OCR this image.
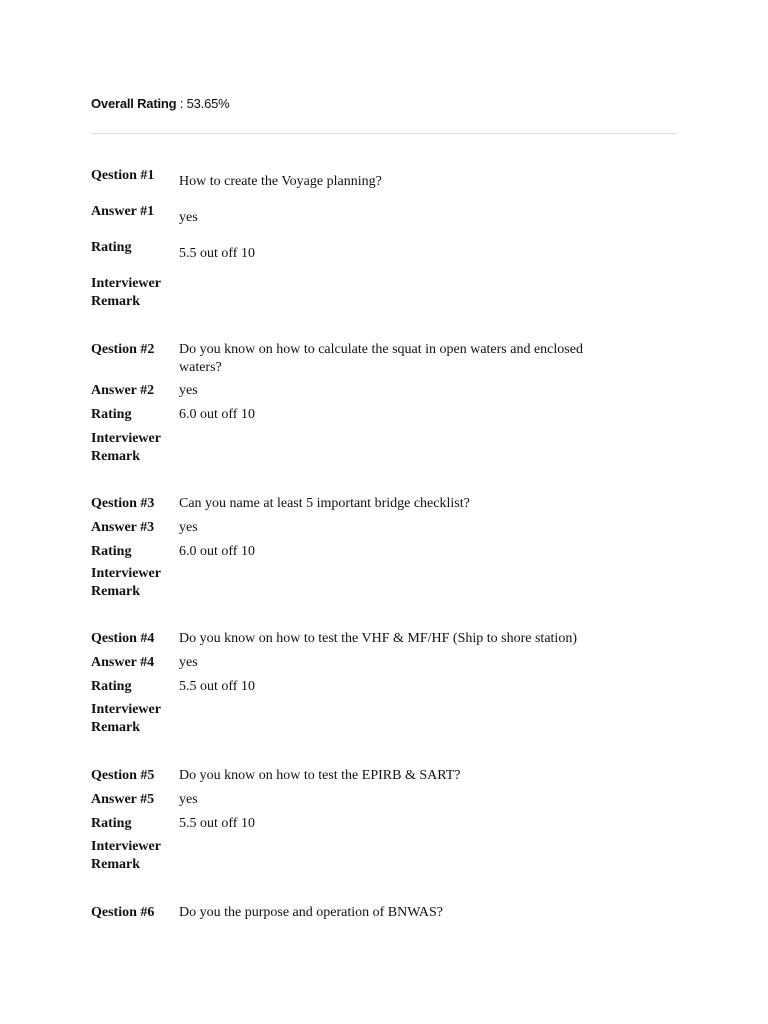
Overall Rating : 53.65%
Qestion #1	How to create the Voyage planning?
Answer #1	yes
Rating	5.5 out off 10
Interviewer Remark
Qestion #2	Do you know on how to calculate the squat in open waters and enclosed waters?
Answer #2	yes
Rating	6.0 out off 10
Interviewer Remark
Qestion #3	Can you name at least 5 important bridge checklist?
Answer #3	yes
Rating	6.0 out off 10
Interviewer Remark
Qestion #4	Do you know on how to test the VHF & MF/HF (Ship to shore station)
Answer #4	yes
Rating	5.5 out off 10
Interviewer Remark
Qestion #5	Do you know on how to test the EPIRB & SART?
Answer #5	yes
Rating	5.5 out off 10
Interviewer Remark
Qestion #6	Do you the purpose and operation of BNWAS?
